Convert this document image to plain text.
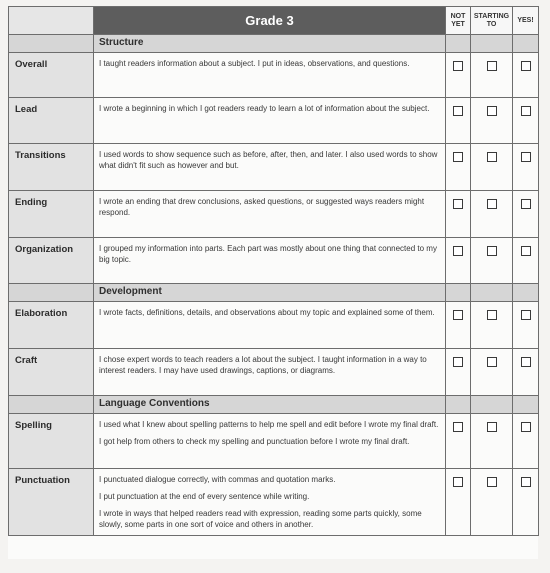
	Grade 3	NOT YET	STARTING TO	YES!
	Structure			
Overall	I taught readers information about a subject. I put in ideas, observations, and questions.			

Lead	I wrote a beginning in which I got readers ready to learn a lot of information about the subject.			

Transitions	I used words to show sequence such as before, after, then, and later. I also used words to show what didn't fit such as however and but.			

Ending	I wrote an ending that drew conclusions, asked questions, or suggested ways readers might respond.			

Organization	I grouped my information into parts. Each part was mostly about one thing that connected to my big topic.			

	Development			
Elaboration	I wrote facts, definitions, details, and observations about my topic and explained some of them.			

Craft	I chose expert words to teach readers a lot about the subject. I taught information in a way to interest readers. I may have used drawings, captions, or diagrams.			

	Language Conventions			
Spelling	I used what I knew about spelling patterns to help me spell and edit before I wrote my final draft.

I got help from others to check my spelling and punctuation before I wrote my final draft.			

Punctuation	I punctuated dialogue correctly, with commas and quotation marks.

I put punctuation at the end of every sentence while writing.

I wrote in ways that helped readers read with expression, reading some parts quickly, some slowly, some parts in one sort of voice and others in another.			
